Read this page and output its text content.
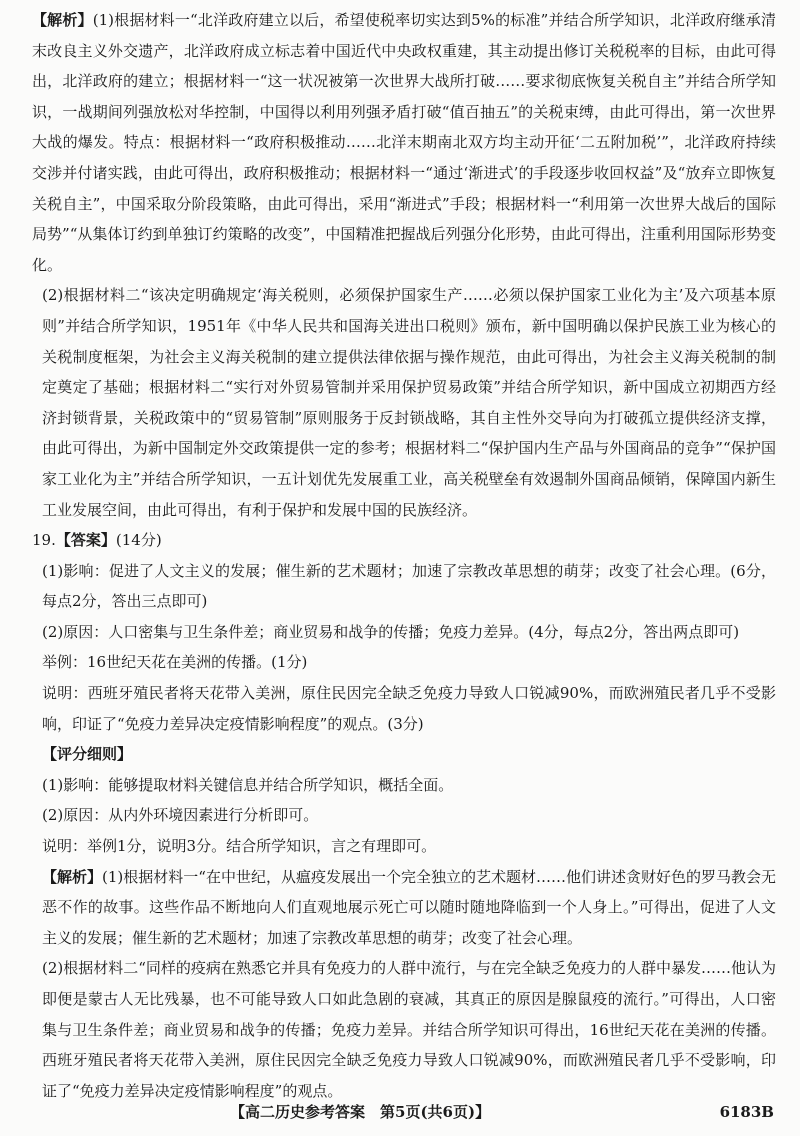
【解析】(1)根据材料一“北洋政府建立以后，希望使税率切实达到5%的标准”并结合所学知识，北洋政府继承清末改良主义外交遗产，北洋政府成立标志着中国近代中央政权重建，其主动提出修订关税税率的目标，由此可得出，北洋政府的建立；根据材料一“这一状况被第一次世界大战所打破……要求彻底恢复关税自主”并结合所学知识，一战期间列强放松对华控制，中国得以利用列强矛盾打破“值百抽五”的关税束缚，由此可得出，第一次世界大战的爆发。特点：根据材料一“政府积极推动……北洋末期南北双方均主动开征‘二五附加税’”，北洋政府持续交涉并付诸实践，由此可得出，政府积极推动；根据材料一“通过‘渐进式’的手段逐步收回权益”及“放弃立即恢复关税自主”，中国采取分阶段策略，由此可得出，采用“渐进式”手段；根据材料一“利用第一次世界大战后的国际局势”“从集体订约到单独订约策略的改变”，中国精准把握战后列强分化形势，由此可得出，注重利用国际形势变化。

(2)根据材料二“该决定明确规定‘海关税则，必须保护国家生产……必须以保护国家工业化为主’及六项基本原则”并结合所学知识，1951年《中华人民共和国海关进出口税则》颁布，新中国明确以保护民族工业为核心的关税制度框架，为社会主义海关税制的建立提供法律依据与操作规范，由此可得出，为社会主义海关税制的制定奠定了基础；根据材料二“实行对外贸易管制并采用保护贸易政策”并结合所学知识，新中国成立初期西方经济封锁背景，关税政策中的“贸易管制”原则服务于反封锁战略，其自主性外交导向为打破孤立提供经济支撑，由此可得出，为新中国制定外交政策提供一定的参考；根据材料二“保护国内生产品与外国商品的竞争”“保护国家工业化为主”并结合所学知识，一五计划优先发展重工业，高关税壁垒有效遏制外国商品倾销，保障国内新生工业发展空间，由此可得出，有利于保护和发展中国的民族经济。

19.【答案】(14分)

(1)影响：促进了人文主义的发展；催生新的艺术题材；加速了宗教改革思想的萌芽；改变了社会心理。(6分，每点2分，答出三点即可)

(2)原因：人口密集与卫生条件差；商业贸易和战争的传播；免疫力差异。(4分，每点2分，答出两点即可)

举例：16世纪天花在美洲的传播。(1分)

说明：西班牙殖民者将天花带入美洲，原住民因完全缺乏免疫力导致人口锐减90%，而欧洲殖民者几乎不受影响，印证了“免疫力差异决定疫情影响程度”的观点。(3分)

【评分细则】

(1)影响：能够提取材料关键信息并结合所学知识，概括全面。

(2)原因：从内外环境因素进行分析即可。

说明：举例1分，说明3分。结合所学知识，言之有理即可。

【解析】(1)根据材料一“在中世纪，从瘟疫发展出一个完全独立的艺术题材……他们讲述贪财好色的罗马教会无恶不作的故事。这些作品不断地向人们直观地展示死亡可以随时随地降临到一个人身上。”可得出，促进了人文主义的发展；催生新的艺术题材；加速了宗教改革思想的萌芽；改变了社会心理。

(2)根据材料二“同样的疫病在熟悉它并具有免疫力的人群中流行，与在完全缺乏免疫力的人群中暴发……他认为即便是蒙古人无比残暴，也不可能导致人口如此急剧的衰减，其真正的原因是腺鼠疫的流行。”可得出，人口密集与卫生条件差；商业贸易和战争的传播；免疫力差异。并结合所学知识可得出，16世纪天花在美洲的传播。西班牙殖民者将天花带入美洲，原住民因完全缺乏免疫力导致人口锐减90%，而欧洲殖民者几乎不受影响，印证了“免疫力差异决定疫情影响程度”的观点。

【高二历史参考答案　第5页(共6页)】	6183B
